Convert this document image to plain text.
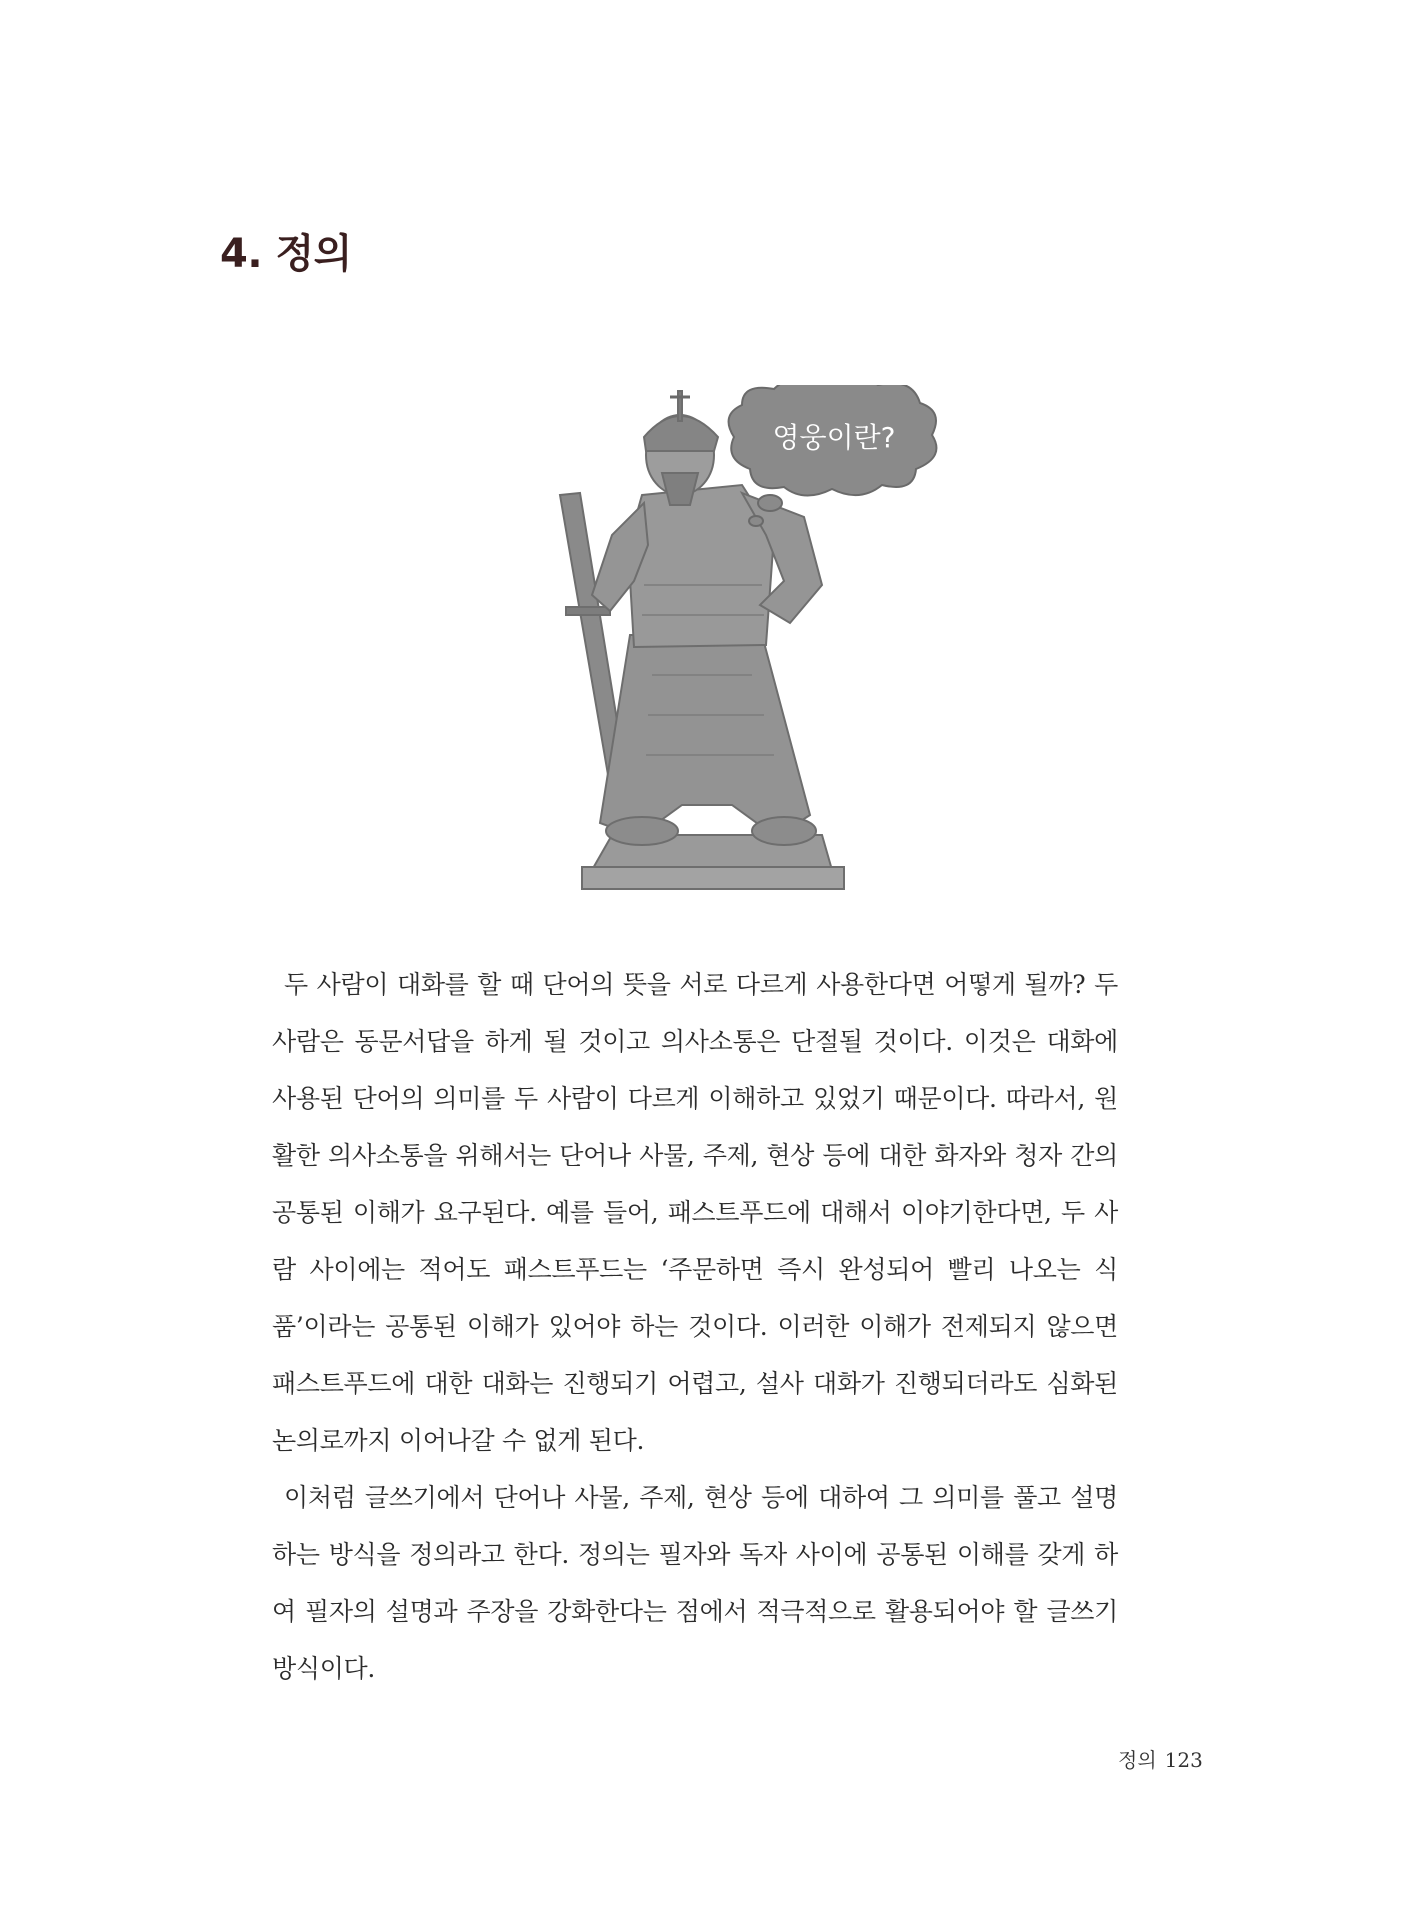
4. 정의
영웅이란?

두 사람이 대화를 할 때 단어의 뜻을 서로 다르게 사용한다면 어떻게 될까? 두 사람은 동문서답을 하게 될 것이고 의사소통은 단절될 것이다. 이것은 대화에 사용된 단어의 의미를 두 사람이 다르게 이해하고 있었기 때문이다. 따라서, 원활한 의사소통을 위해서는 단어나 사물, 주제, 현상 등에 대한 화자와 청자 간의 공통된 이해가 요구된다. 예를 들어, 패스트푸드에 대해서 이야기한다면, 두 사람 사이에는 적어도 패스트푸드는 ‘주문하면 즉시 완성되어 빨리 나오는 식품’이라는 공통된 이해가 있어야 하는 것이다. 이러한 이해가 전제되지 않으면 패스트푸드에 대한 대화는 진행되기 어렵고, 설사 대화가 진행되더라도 심화된 논의로까지 이어나갈 수 없게 된다.

이처럼 글쓰기에서 단어나 사물, 주제, 현상 등에 대하여 그 의미를 풀고 설명하는 방식을 정의라고 한다. 정의는 필자와 독자 사이에 공통된 이해를 갖게 하여 필자의 설명과 주장을 강화한다는 점에서 적극적으로 활용되어야 할 글쓰기 방식이다.

정의 123
